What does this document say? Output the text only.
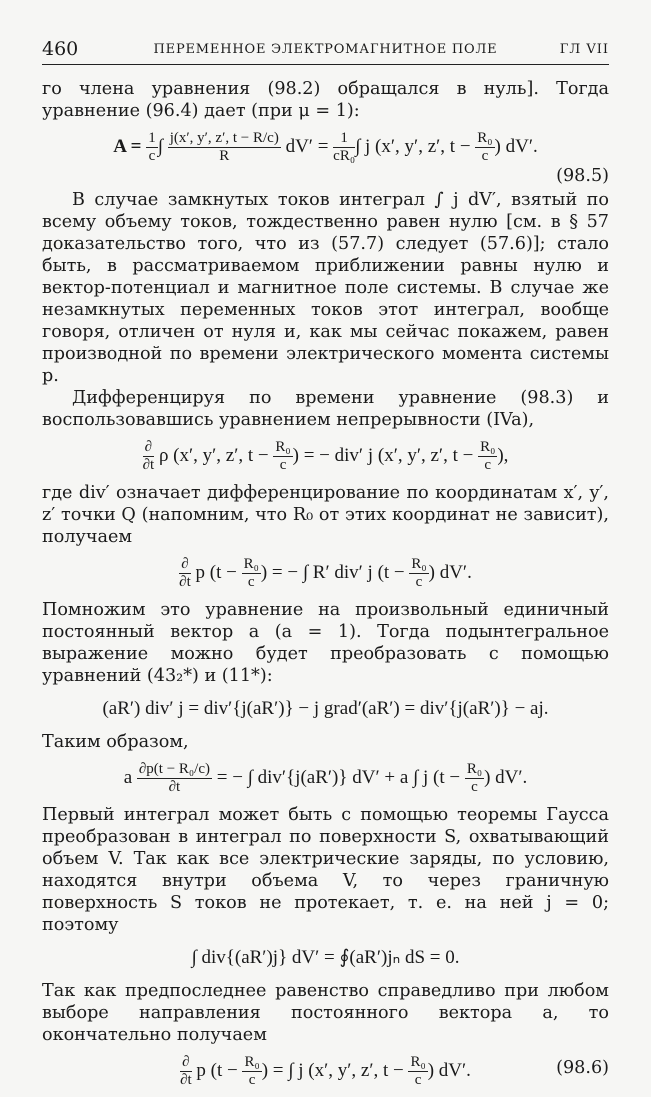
460	ПЕРЕМЕННОЕ ЭЛЕКТРОМАГНИТНОЕ ПОЛЕ	ГЛ VII

го члена уравнения (98.2) обращался в нуль]. Тогда уравнение (96.4) дает (при μ = 1):

$A = \frac{1}{c}$ ∫ $\frac{j(x', y', z', t - R/c)}{R} dV' = \frac{1}{\text{cR₀}}$ ∫ j (x′, y′, z′, $t - \frac{\text{R₀}}{c}$ ) dV′.
(98.5)

В случае замкнутых токов интеграл ∫ j dV′, взятый по всему объему токов, тождественно равен нулю [см. в § 57 доказательство того, что из (57.7) следует (57.6)]; стало быть, в рассматриваемом приближении равны нулю и вектор-потенциал и магнитное поле системы. В случае же незамкнутых переменных токов этот интеграл, вообще говоря, отличен от нуля и, как мы сейчас покажем, равен производной по времени электрического момента системы p.

Дифференцируя по времени уравнение (98.3) и воспользовавшись уравнением непрерывности (IVa),

$\frac{\partial}{\partial t}$ ρ (x′, y′, z′, $t - \frac{\text{R₀}}{c}$ ) = − div′ j (x′, y′, z′, $t - \frac{\text{R₀}}{c}$ ),

где div′ означает дифференцирование по координатам x′, y′, z′ точки Q (напомним, что R₀ от этих координат не зависит), получаем

$\frac{\partial}{\partial t}$ p ($t - \frac{\text{R₀}}{c}$ ) = − ∫ R′ div′ j ($t - \frac{\text{R₀}}{c}$ ) dV′.

Помножим это уравнение на произвольный единичный постоянный вектор a (a = 1). Тогда подынтегральное выражение можно будет преобразовать с помощью уравнений (43₂*) и (11*):

(aR′) div′ j = div′{j(aR′)} − j grad′(aR′) = div′{j(aR′)} − aj.

Таким образом,

a $\frac{\text{∂p(t − R₀/c)}}{\partial t}$ = − ∫ div′{j(aR′)} dV′ + a ∫ j ($t - \frac{\text{R₀}}{c}$ ) dV′.

Первый интеграл может быть с помощью теоремы Гаусса преобразован в интеграл по поверхности S, охватывающий объем V. Так как все электрические заряды, по условию, находятся внутри объема V, то через граничную поверхность S токов не протекает, т. е. на ней j = 0; поэтому

∫ div{(aR′)j} dV′ = ∮(aR′)jₙ dS = 0.

Так как предпоследнее равенство справедливо при любом выборе направления постоянного вектора a, то окончательно получаем

$\frac{\partial}{\partial t}$ p ($t - \frac{\text{R₀}}{c}$ ) = ∫ j (x′, y′, z′, $t - \frac{\text{R₀}}{c}$ ) dV′.	(98.6)
